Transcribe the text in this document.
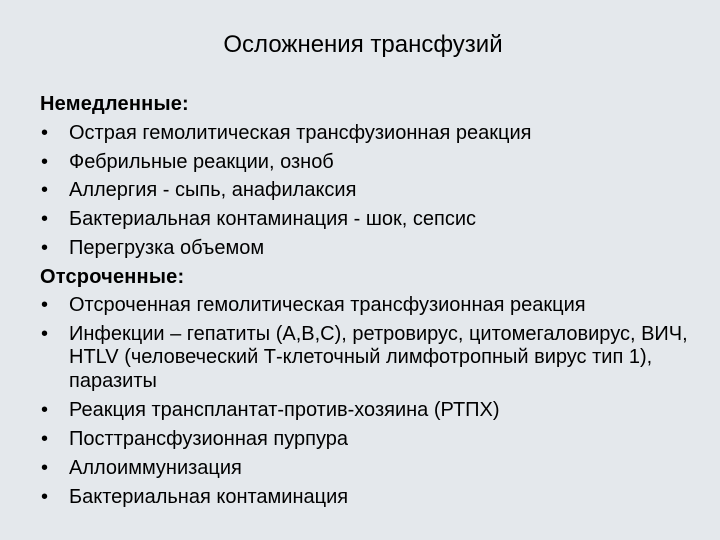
Осложнения трансфузий
Немедленные:
• Острая гемолитическая трансфузионная реакция
• Фебрильные реакции, озноб
• Аллергия - сыпь, анафилаксия
• Бактериальная контаминация - шок, сепсис
• Перегрузка объемом
Отсроченные:
• Отсроченная гемолитическая трансфузионная реакция
• Инфекции – гепатиты (A,B,C), ретровирус, цитомегаловирус, ВИЧ, HTLV (человеческий Т-клеточный лимфотропный вирус тип 1), паразиты
• Реакция трансплантат-против-хозяина (РТПХ)
• Посттрансфузионная пурпура
• Аллоиммунизация
• Бактериальная контаминация
